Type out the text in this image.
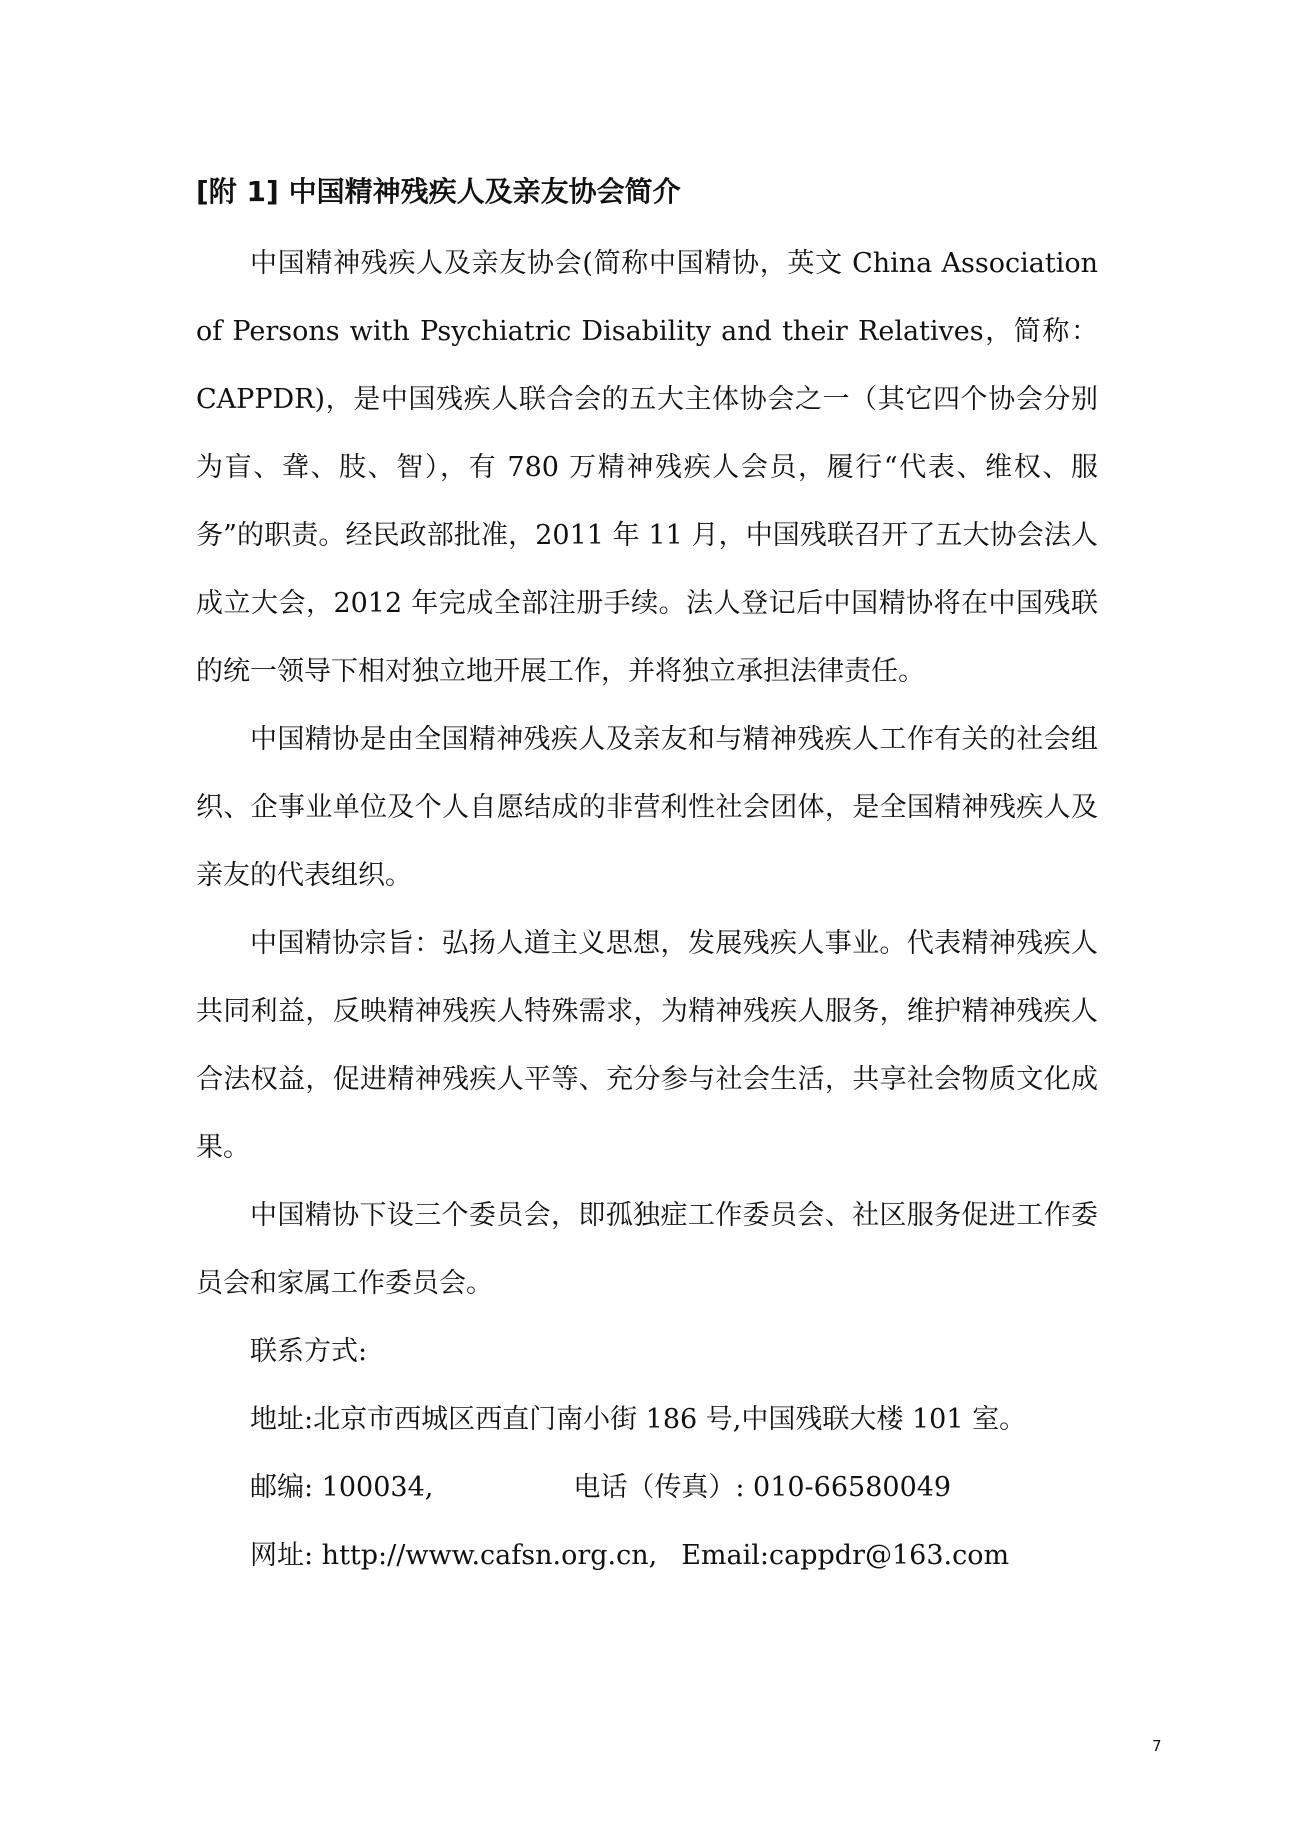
[附 1] 中国精神残疾人及亲友协会简介

中国精神残疾人及亲友协会(简称中国精协，英文 China Association of Persons with Psychiatric Disability and their Relatives，简称：CAPPDR)，是中国残疾人联合会的五大主体协会之一（其它四个协会分别为盲、聋、肢、智），有 780 万精神残疾人会员，履行“代表、维权、服务”的职责。经民政部批准，2011 年 11 月，中国残联召开了五大协会法人成立大会，2012 年完成全部注册手续。法人登记后中国精协将在中国残联的统一领导下相对独立地开展工作，并将独立承担法律责任。

中国精协是由全国精神残疾人及亲友和与精神残疾人工作有关的社会组织、企事业单位及个人自愿结成的非营利性社会团体，是全国精神残疾人及亲友的代表组织。

中国精协宗旨：弘扬人道主义思想，发展残疾人事业。代表精神残疾人共同利益，反映精神残疾人特殊需求，为精神残疾人服务，维护精神残疾人合法权益，促进精神残疾人平等、充分参与社会生活，共享社会物质文化成果。

中国精协下设三个委员会，即孤独症工作委员会、社区服务促进工作委员会和家属工作委员会。

联系方式:
地址:北京市西城区西直门南小街 186 号,中国残联大楼 101 室。
邮编: 100034,	电话（传真）: 010-66580049
网址: http://www.cafsn.org.cn, Email:cappdr@163.com
7
